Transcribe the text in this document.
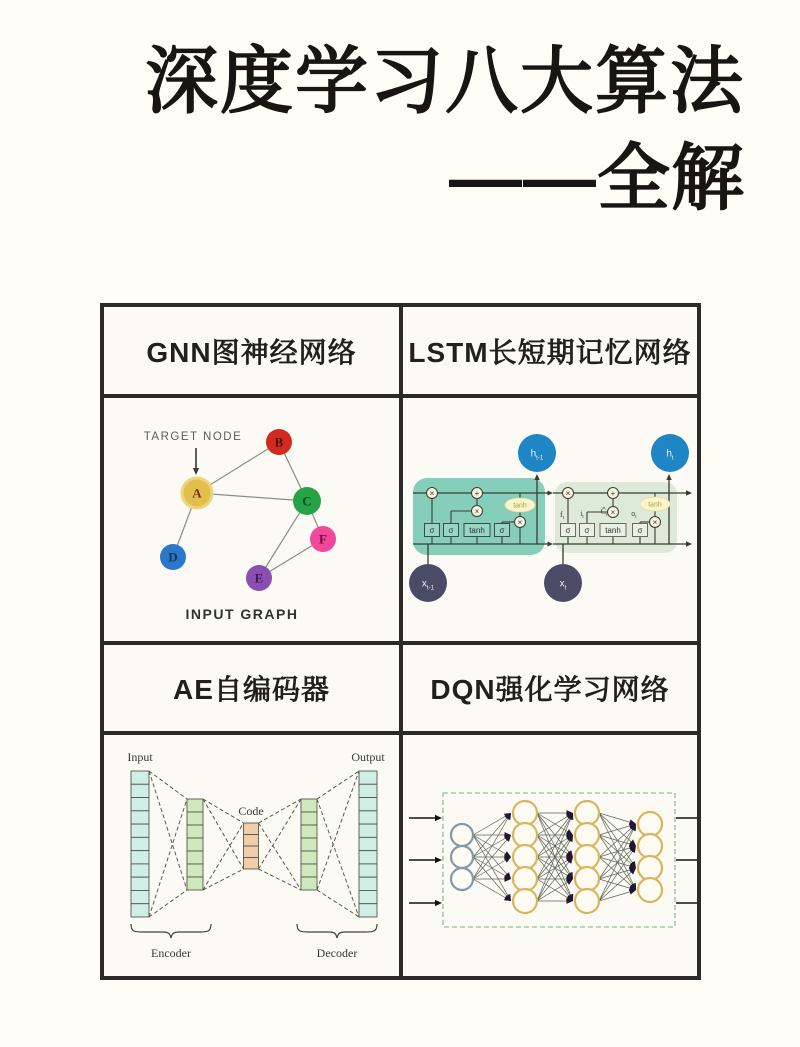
深度学习八大算法
——全解
GNN图神经网络	LSTM长短期记忆网络
TARGET NODE
A
B
C
D
E
F
INPUT GRAPH
tanh	tanh
×	+
×
×
×	+
×
×
σ σ tanh σ	σ σ tanh σ
$f_t$
$i_t$
$C̃_t$	$o_t$
$h_{t-1}$	$h_t$
$x_{t-1}$	$x_t$
AE自编码器	DQN强化学习网络
Input	Output
Code
Encoder	Decoder
